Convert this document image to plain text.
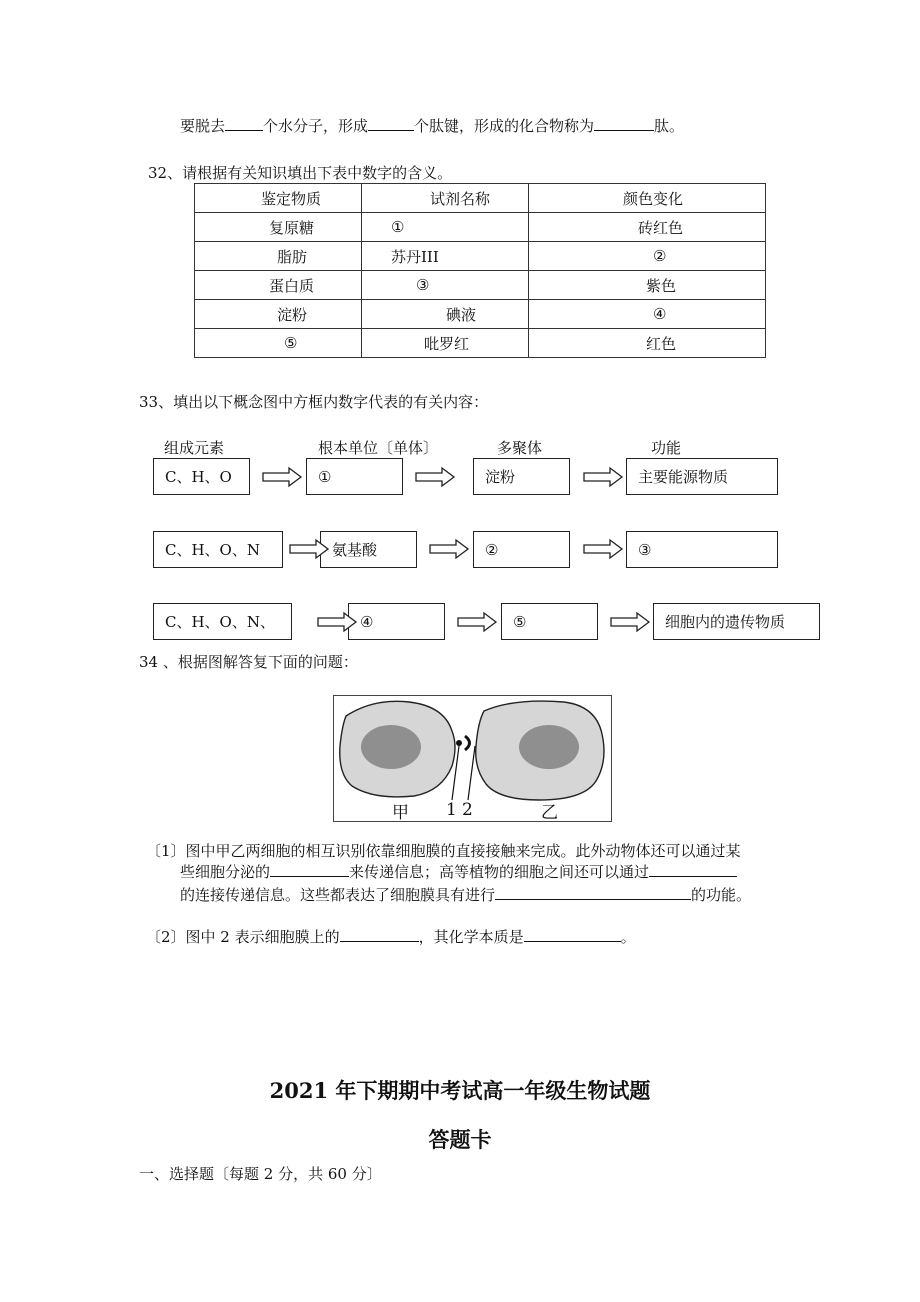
要脱去	个水分子，形成	个肽键，形成的化合物称为	肽。
32、请根据有关知识填出下表中数字的含义。
鉴定物质	试剂名称	颜色变化
复原糖	①	砖红色
脂肪	苏丹III	②
蛋白质	③	紫色
淀粉	碘液	④
⑤	吡罗红	红色
33、填出以下概念图中方框内数字代表的有关内容：
组成元素	根本单位〔单体〕	多聚体	功能
C、H、O	①	淀粉	主要能源物质
C、H、O、N	氨基酸	②	③
C、H、O、N、	④	⑤	细胞内的遗传物质
34 、根据图解答复下面的问题：
甲 1 2	乙
〔1〕图中甲乙两细胞的相互识别依靠细胞膜的直接接触来完成。此外动物体还可以通过某
些细胞分泌的	来传递信息；高等植物的细胞之间还可以通过
的连接传递信息。这些都表达了细胞膜具有进行	的功能。
〔2〕图中 2 表示细胞膜上的	，其化学本质是	。
2021 年下期期中考试高一年级生物试题
答题卡
一、选择题〔每题 2 分，共 60 分〕
